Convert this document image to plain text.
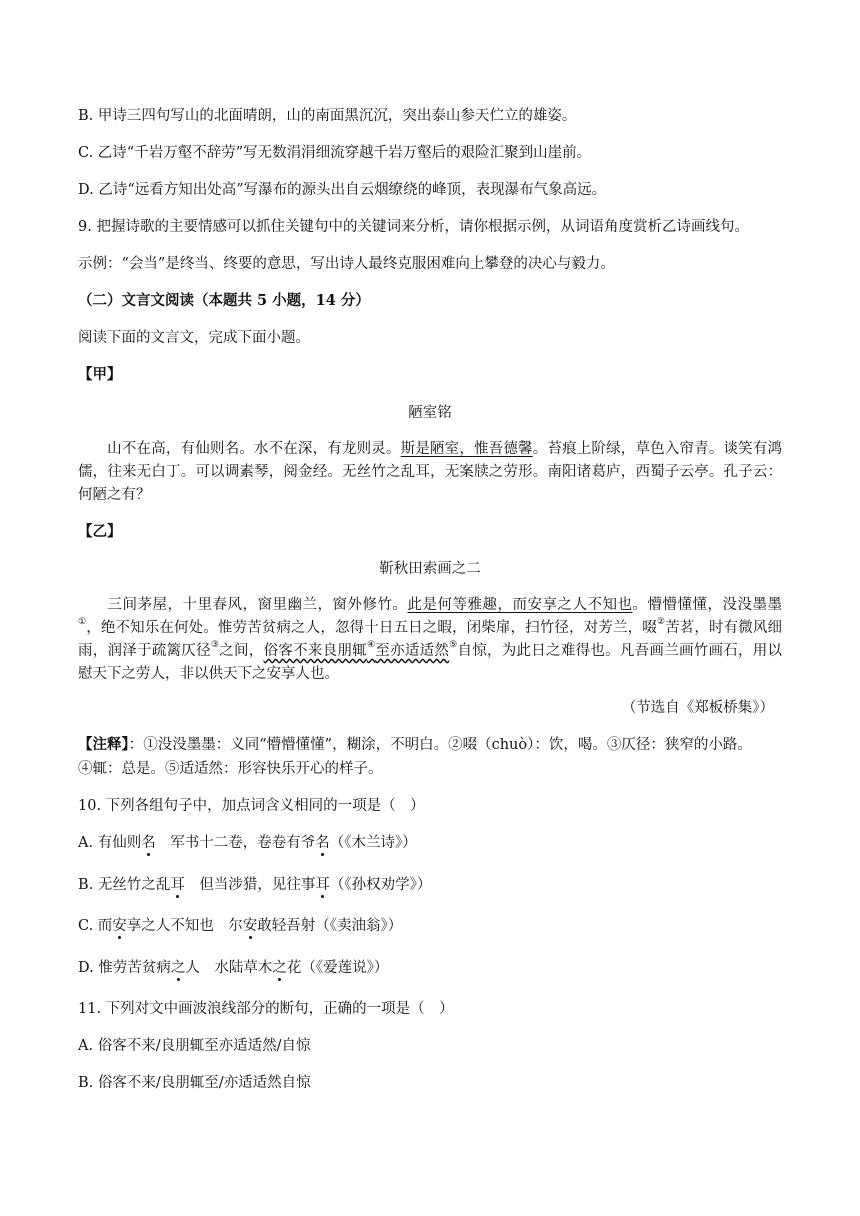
B. 甲诗三四句写山的北面晴朗，山的南面黑沉沉，突出泰山参天伫立的雄姿。
C. 乙诗“千岩万壑不辞劳”写无数涓涓细流穿越千岩万壑后的艰险汇聚到山崖前。
D. 乙诗“远看方知出处高”写瀑布的源头出自云烟缭绕的峰顶，表现瀑布气象高远。
9. 把握诗歌的主要情感可以抓住关键句中的关键词来分析，请你根据示例，从词语角度赏析乙诗画线句。
示例：“会当”是终当、终要的意思，写出诗人最终克服困难向上攀登的决心与毅力。
（二）文言文阅读（本题共 5 小题，14 分）
阅读下面的文言文，完成下面小题。
【甲】
陋室铭
山不在高，有仙则名。水不在深，有龙则灵。斯是陋室，惟吾德馨。苔痕上阶绿，草色入帘青。谈笑有鸿儒，往来无白丁。可以调素琴，阅金经。无丝竹之乱耳，无案牍之劳形。南阳诸葛庐，西蜀子云亭。孔子云：何陋之有？
【乙】
靳秋田索画之二
三间茅屋，十里春风，窗里幽兰，窗外修竹。此是何等雅趣，而安享之人不知也。懵懵懂懂，没没墨墨①，绝不知乐在何处。惟劳苦贫病之人，忽得十日五日之暇，闭柴扉，扫竹径，对芳兰，啜②苦茗，时有微风细雨，润泽于疏篱仄径③之间，俗客不来良朋辄④至亦适适然⑤自惊，为此日之难得也。凡吾画兰画竹画石，用以慰天下之劳人，非以供天下之安享人也。
（节选自《郑板桥集》）
【注释】：①没没墨墨：义同“懵懵懂懂”，糊涂，不明白。②啜（chuò）：饮，喝。③仄径：狭窄的小路。
④辄：总是。⑤适适然：形容快乐开心的样子。
10. 下列各组句子中，加点词含义相同的一项是（　）
A. 有仙则名　军书十二卷，卷卷有爷名（《木兰诗》）
B. 无丝竹之乱耳　但当涉猎，见往事耳（《孙权劝学》）
C. 而安享之人不知也　尔安敢轻吾射（《卖油翁》）
D. 惟劳苦贫病之人　水陆草木之花（《爱莲说》）
11. 下列对文中画波浪线部分的断句，正确的一项是（　）
A. 俗客不来/良朋辄至亦适适然/自惊
B. 俗客不来/良朋辄至/亦适适然自惊
